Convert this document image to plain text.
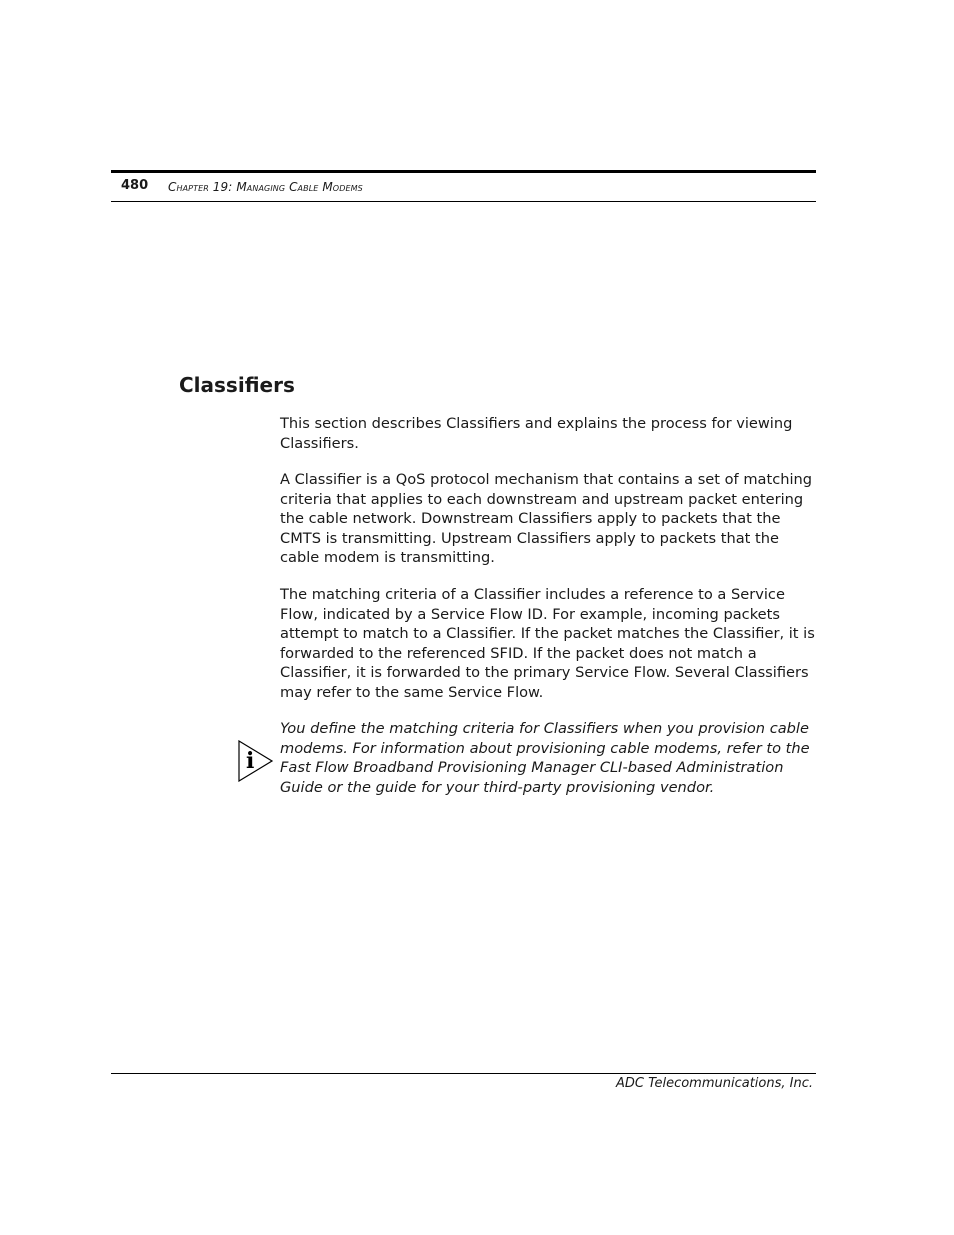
480 Chapter 19: Managing Cable Modems
Classifiers

This section describes Classifiers and explains the process for viewing Classifiers.

A Classifier is a QoS protocol mechanism that contains a set of matching criteria that applies to each downstream and upstream packet entering the cable network. Downstream Classifiers apply to packets that the CMTS is transmitting. Upstream Classifiers apply to packets that the cable modem is transmitting.

The matching criteria of a Classifier includes a reference to a Service Flow, indicated by a Service Flow ID. For example, incoming packets attempt to match to a Classifier. If the packet matches the Classifier, it is forwarded to the referenced SFID. If the packet does not match a Classifier, it is forwarded to the primary Service Flow. Several Classifiers may refer to the same Service Flow.

i

You define the matching criteria for Classifiers when you provision cable modems. For information about provisioning cable modems, refer to the Fast Flow Broadband Provisioning Manager CLI-based Administration Guide or the guide for your third-party provisioning vendor.

ADC Telecommunications, Inc.
